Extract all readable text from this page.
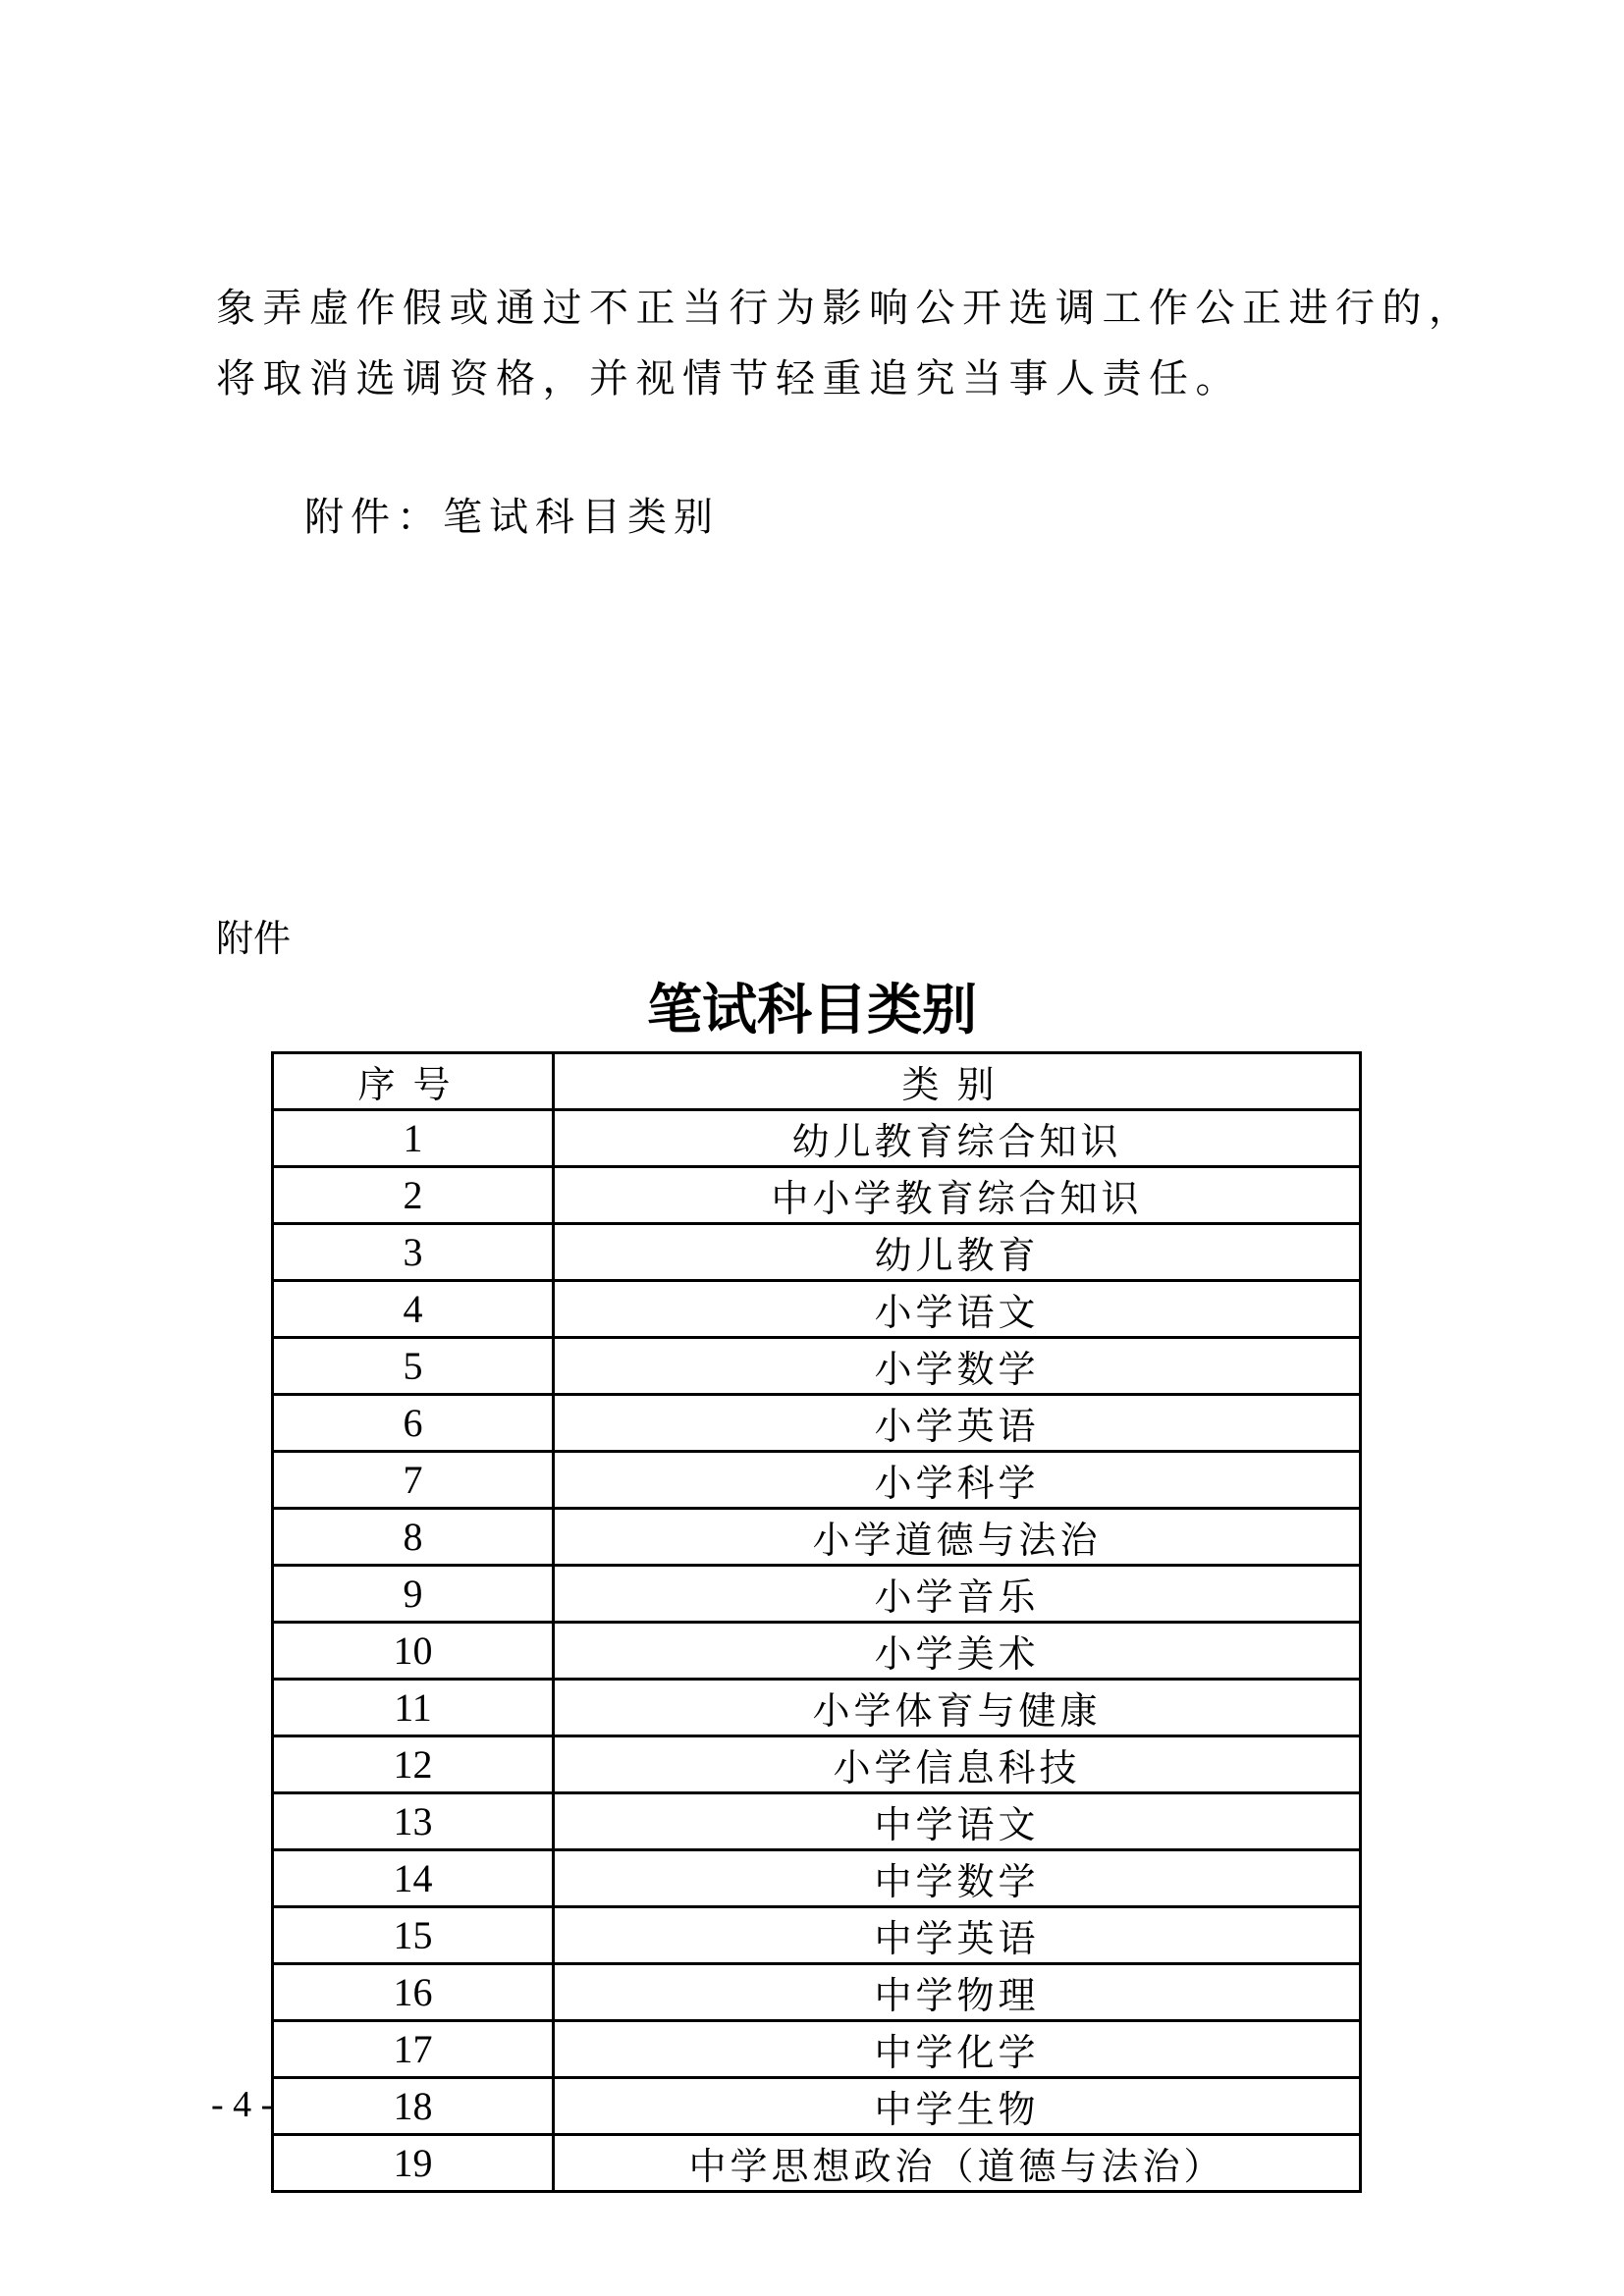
象弄虚作假或通过不正当行为影响公开选调工作公正进行的，
将取消选调资格，并视情节轻重追究当事人责任。
附件：笔试科目类别
附件
笔试科目类别
序号	类别
1	幼儿教育综合知识
2	中小学教育综合知识
3	幼儿教育
4	小学语文
5	小学数学
6	小学英语
7	小学科学
8	小学道德与法治
9	小学音乐
10	小学美术
11	小学体育与健康
12	小学信息科技
13	中学语文
14	中学数学
15	中学英语
16	中学物理
17	中学化学
18	中学生物
19	中学思想政治（道德与法治）
- 4 -
